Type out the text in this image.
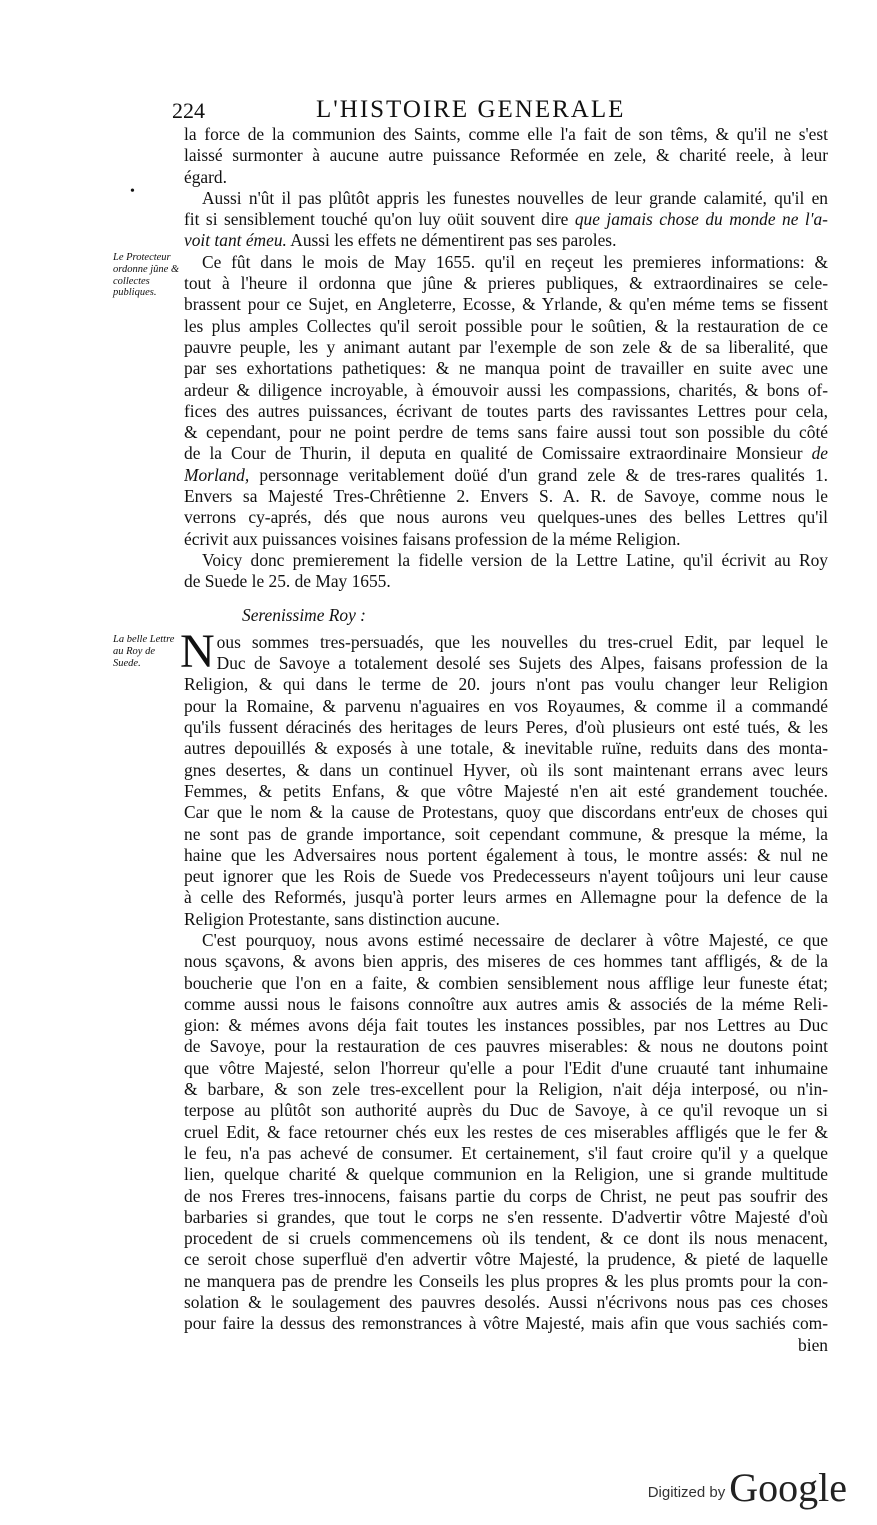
224	L'HISTOIRE GENERALE
•
Le Protecteur ordonne jûne & collectes publiques.
La belle Lettre au Roy de Suede.
la force de la communion des Saints, comme elle l'a fait de son têms, & qu'il ne s'est
laissé surmonter à aucune autre puissance Reformée en zele, & charité reele, à leur
égard.
Aussi n'ût il pas plûtôt appris les funestes nouvelles de leur grande calamité, qu'il en
fit si sensiblement touché qu'on luy oüit souvent dire que jamais chose du monde ne l'a-
voit tant émeu. Aussi les effets ne démentirent pas ses paroles.
Ce fût dans le mois de May 1655. qu'il en reçeut les premieres informations: &
tout à l'heure il ordonna que jûne & prieres publiques, & extraordinaires se cele-
brassent pour ce Sujet, en Angleterre, Ecosse, & Yrlande, & qu'en méme tems se fissent
les plus amples Collectes qu'il seroit possible pour le soûtien, & la restauration de ce
pauvre peuple, les y animant autant par l'exemple de son zele & de sa liberalité, que
par ses exhortations pathetiques: & ne manqua point de travailler en suite avec une
ardeur & diligence incroyable, à émouvoir aussi les compassions, charités, & bons of-
fices des autres puissances, écrivant de toutes parts des ravissantes Lettres pour cela,
& cependant, pour ne point perdre de tems sans faire aussi tout son possible du côté
de la Cour de Thurin, il deputa en qualité de Comissaire extraordinaire Monsieur de
Morland, personnage veritablement doüé d'un grand zele & de tres-rares qualités 1.
Envers sa Majesté Tres-Chrêtienne 2. Envers S. A. R. de Savoye, comme nous le
verrons cy-aprés, dés que nous aurons veu quelques-unes des belles Lettres qu'il
écrivit aux puissances voisines faisans profession de la méme Religion.
Voicy donc premierement la fidelle version de la Lettre Latine, qu'il écrivit au Roy
de Suede le 25. de May 1655.
Serenissime Roy :
N ous sommes tres-persuadés, que les nouvelles du tres-cruel Edit, par lequel le
Duc de Savoye a totalement desolé ses Sujets des Alpes, faisans profession de la
Religion, & qui dans le terme de 20. jours n'ont pas voulu changer leur Religion
pour la Romaine, & parvenu n'aguaires en vos Royaumes, & comme il a commandé
qu'ils fussent déracinés des heritages de leurs Peres, d'où plusieurs ont esté tués, & les
autres depouillés & exposés à une totale, & inevitable ruïne, reduits dans des monta-
gnes desertes, & dans un continuel Hyver, où ils sont maintenant errans avec leurs
Femmes, & petits Enfans, & que vôtre Majesté n'en ait esté grandement touchée.
Car que le nom & la cause de Protestans, quoy que discordans entr'eux de choses qui
ne sont pas de grande importance, soit cependant commune, & presque la méme, la
haine que les Adversaires nous portent également à tous, le montre assés: & nul ne
peut ignorer que les Rois de Suede vos Predecesseurs n'ayent toûjours uni leur cause
à celle des Reformés, jusqu'à porter leurs armes en Allemagne pour la defence de la
Religion Protestante, sans distinction aucune.
C'est pourquoy, nous avons estimé necessaire de declarer à vôtre Majesté, ce que
nous sçavons, & avons bien appris, des miseres de ces hommes tant affligés, & de la
boucherie que l'on en a faite, & combien sensiblement nous afflige leur funeste état;
comme aussi nous le faisons connoître aux autres amis & associés de la méme Reli-
gion: & mémes avons déja fait toutes les instances possibles, par nos Lettres au Duc
de Savoye, pour la restauration de ces pauvres miserables: & nous ne doutons point
que vôtre Majesté, selon l'horreur qu'elle a pour l'Edit d'une cruauté tant inhumaine
& barbare, & son zele tres-excellent pour la Religion, n'ait déja interposé, ou n'in-
terpose au plûtôt son authorité auprès du Duc de Savoye, à ce qu'il revoque un si
cruel Edit, & face retourner chés eux les restes de ces miserables affligés que le fer &
le feu, n'a pas achevé de consumer. Et certainement, s'il faut croire qu'il y a quelque
lien, quelque charité & quelque communion en la Religion, une si grande multitude
de nos Freres tres-innocens, faisans partie du corps de Christ, ne peut pas soufrir des
barbaries si grandes, que tout le corps ne s'en ressente. D'advertir vôtre Majesté d'où
procedent de si cruels commencemens où ils tendent, & ce dont ils nous menacent,
ce seroit chose superfluë d'en advertir vôtre Majesté, la prudence, & pieté de laquelle
ne manquera pas de prendre les Conseils les plus propres & les plus promts pour la con-
solation & le soulagement des pauvres desolés. Aussi n'écrivons nous pas ces choses
pour faire la dessus des remonstrances à vôtre Majesté, mais afin que vous sachiés com-
bien
Digitized by Google
